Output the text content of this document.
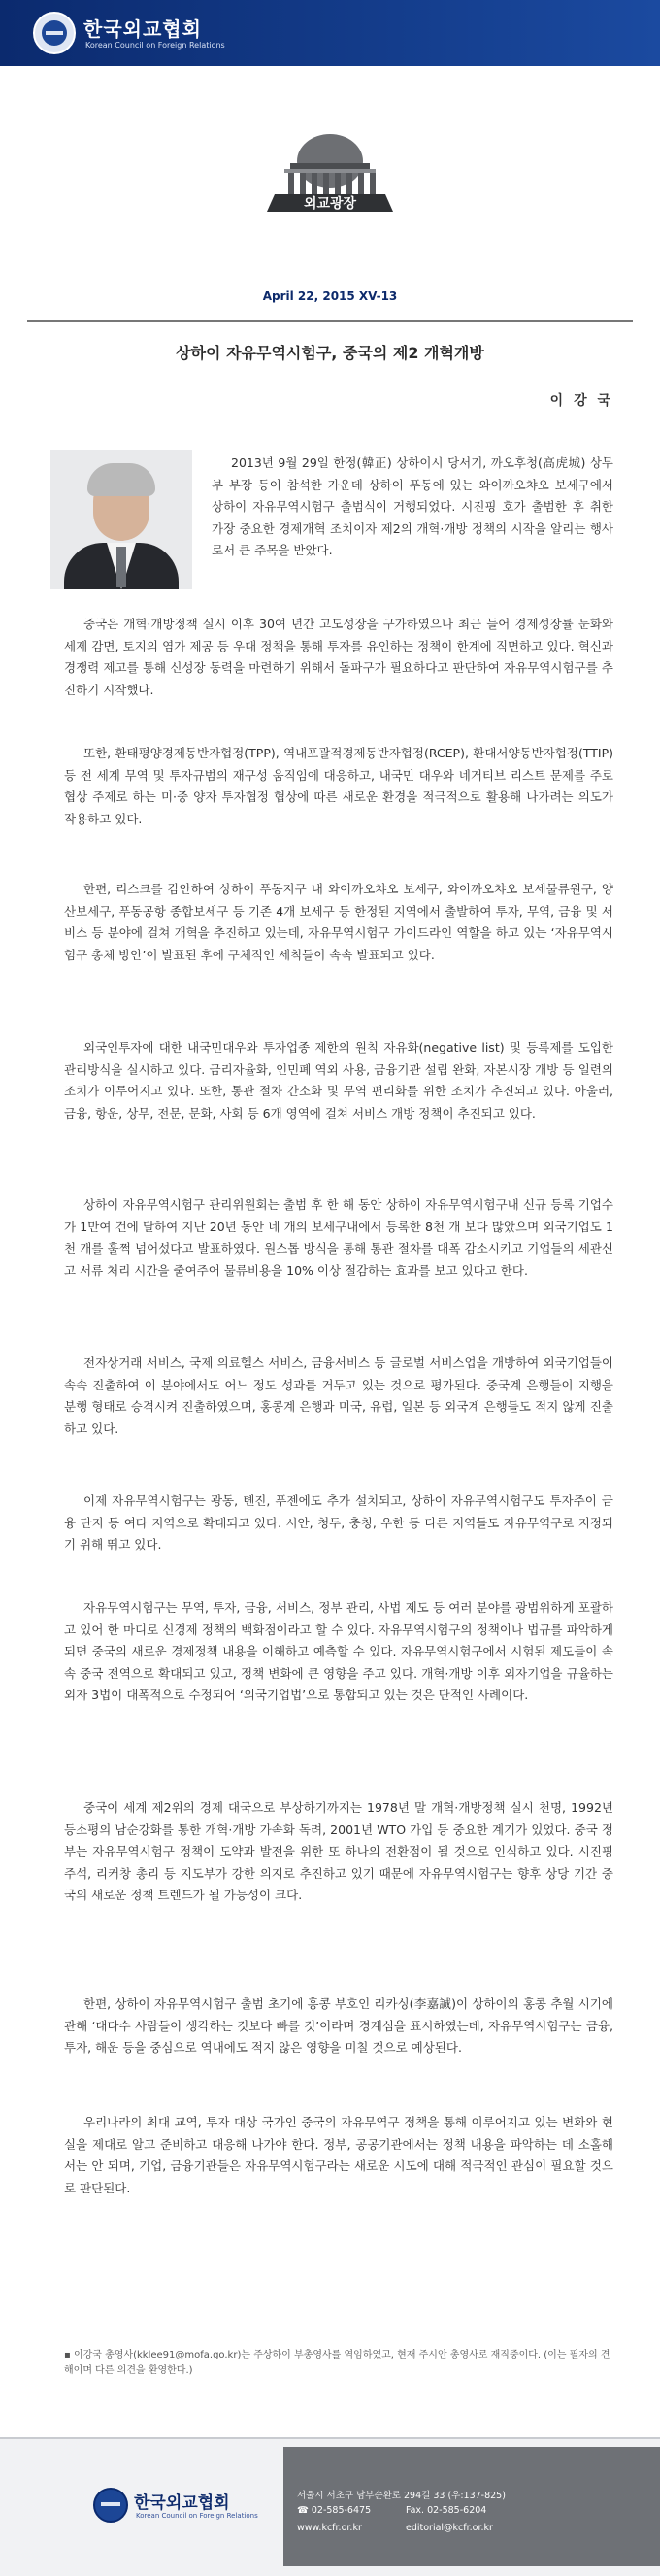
한국외교협회
Korean Council on Foreign Relations
외교광장
April 22, 2015 XV-13
상하이 자유무역시험구, 중국의 제2 개혁개방
이 강 국

2013년 9월 29일 한정(韓正) 상하이시 당서기, 까오후청(高虎城) 상무부 부장 등이 참석한 가운데 상하이 푸동에 있는 와이까오챠오 보세구에서 상하이 자유무역시험구 출범식이 거행되었다. 시진핑 호가 출범한 후 취한 가장 중요한 경제개혁 조치이자 제2의 개혁·개방 정책의 시작을 알리는 행사로서 큰 주목을 받았다.

중국은 개혁·개방정책 실시 이후 30여 년간 고도성장을 구가하였으나 최근 들어 경제성장률 둔화와 세제 감면, 토지의 염가 제공 등 우대 정책을 통해 투자를 유인하는 정책이 한계에 직면하고 있다. 혁신과 경쟁력 제고를 통해 신성장 동력을 마련하기 위해서 돌파구가 필요하다고 판단하여 자유무역시험구를 추진하기 시작했다.

또한, 환태평양경제동반자협정(TPP), 역내포괄적경제동반자협정(RCEP), 환대서양동반자협정(TTIP) 등 전 세계 무역 및 투자규범의 재구성 움직임에 대응하고, 내국민 대우와 네거티브 리스트 문제를 주로 협상 주제로 하는 미·중 양자 투자협정 협상에 따른 새로운 환경을 적극적으로 활용해 나가려는 의도가 작용하고 있다.

한편, 리스크를 감안하여 상하이 푸동지구 내 와이까오챠오 보세구, 와이까오챠오 보세물류원구, 양산보세구, 푸동공항 종합보세구 등 기존 4개 보세구 등 한정된 지역에서 출발하여 투자, 무역, 금융 및 서비스 등 분야에 걸쳐 개혁을 추진하고 있는데, 자유무역시험구 가이드라인 역할을 하고 있는 ‘자유무역시험구 총체 방안’이 발표된 후에 구체적인 세칙들이 속속 발표되고 있다.

외국인투자에 대한 내국민대우와 투자업종 제한의 원칙 자유화(negative list) 및 등록제를 도입한 관리방식을 실시하고 있다. 금리자율화, 인민폐 역외 사용, 금융기관 설립 완화, 자본시장 개방 등 일련의 조치가 이루어지고 있다. 또한, 통관 절차 간소화 및 무역 편리화를 위한 조치가 추진되고 있다. 아울러, 금융, 항운, 상무, 전문, 문화, 사회 등 6개 영역에 걸쳐 서비스 개방 정책이 추진되고 있다.

상하이 자유무역시험구 관리위원회는 출범 후 한 해 동안 상하이 자유무역시험구내 신규 등록 기업수가 1만여 건에 달하여 지난 20년 동안 네 개의 보세구내에서 등록한 8천 개 보다 많았으며 외국기업도 1천 개를 훌쩍 넘어섰다고 발표하였다. 원스톱 방식을 통해 통관 절차를 대폭 감소시키고 기업들의 세관신고 서류 처리 시간을 줄여주어 물류비용을 10% 이상 절감하는 효과를 보고 있다고 한다.

전자상거래 서비스, 국제 의료헬스 서비스, 금융서비스 등 글로벌 서비스업을 개방하여 외국기업들이 속속 진출하여 이 분야에서도 어느 정도 성과를 거두고 있는 것으로 평가된다. 중국계 은행들이 지행을 분행 형태로 승격시켜 진출하였으며, 홍콩계 은행과 미국, 유럽, 일본 등 외국계 은행들도 적지 않게 진출하고 있다.

이제 자유무역시험구는 광동, 톈진, 푸젠에도 추가 설치되고, 상하이 자유무역시험구도 투자주이 금융 단지 등 여타 지역으로 확대되고 있다. 시안, 청두, 충칭, 우한 등 다른 지역들도 자유무역구로 지정되기 위해 뛰고 있다.

자유무역시험구는 무역, 투자, 금융, 서비스, 정부 관리, 사법 제도 등 여러 분야를 광범위하게 포괄하고 있어 한 마디로 신경제 정책의 백화점이라고 할 수 있다. 자유무역시험구의 정책이나 법규를 파악하게 되면 중국의 새로운 경제정책 내용을 이해하고 예측할 수 있다. 자유무역시험구에서 시험된 제도들이 속속 중국 전역으로 확대되고 있고, 정책 변화에 큰 영향을 주고 있다. 개혁·개방 이후 외자기업을 규율하는 외자 3법이 대폭적으로 수정되어 ‘외국기업법’으로 통합되고 있는 것은 단적인 사례이다.

중국이 세계 제2위의 경제 대국으로 부상하기까지는 1978년 말 개혁·개방정책 실시 천명, 1992년 등소평의 남순강화를 통한 개혁·개방 가속화 독려, 2001년 WTO 가입 등 중요한 계기가 있었다. 중국 정부는 자유무역시험구 정책이 도약과 발전을 위한 또 하나의 전환점이 될 것으로 인식하고 있다. 시진핑 주석, 리커창 총리 등 지도부가 강한 의지로 추진하고 있기 때문에 자유무역시험구는 향후 상당 기간 중국의 새로운 정책 트렌드가 될 가능성이 크다.

한편, 상하이 자유무역시험구 출범 초기에 홍콩 부호인 리카싱(李嘉誠)이 상하이의 홍콩 추월 시기에 관해 ‘대다수 사람들이 생각하는 것보다 빠를 것’이라며 경계심을 표시하였는데, 자유무역시험구는 금융, 투자, 해운 등을 중심으로 역내에도 적지 않은 영향을 미칠 것으로 예상된다.

우리나라의 최대 교역, 투자 대상 국가인 중국의 자유무역구 정책을 통해 이루어지고 있는 변화와 현실을 제대로 알고 준비하고 대응해 나가야 한다. 정부, 공공기관에서는 정책 내용을 파악하는 데 소홀해서는 안 되며, 기업, 금융기관들은 자유무역시험구라는 새로운 시도에 대해 적극적인 관심이 필요할 것으로 판단된다.

▪ 이강국 총영사(kklee91@mofa.go.kr)는 주상하이 부총영사를 역임하였고, 현재 주시안 총영사로 재직중이다. (이는 필자의 견해이며 다른 의견을 환영한다.)

한국외교협회
Korean Council on Foreign Relations
서울시 서초구 남부순환로 294길 33 (우:137-825)
☎ 02-585-6475	Fax. 02-585-6204
www.kcfr.or.kr	editorial@kcfr.or.kr
